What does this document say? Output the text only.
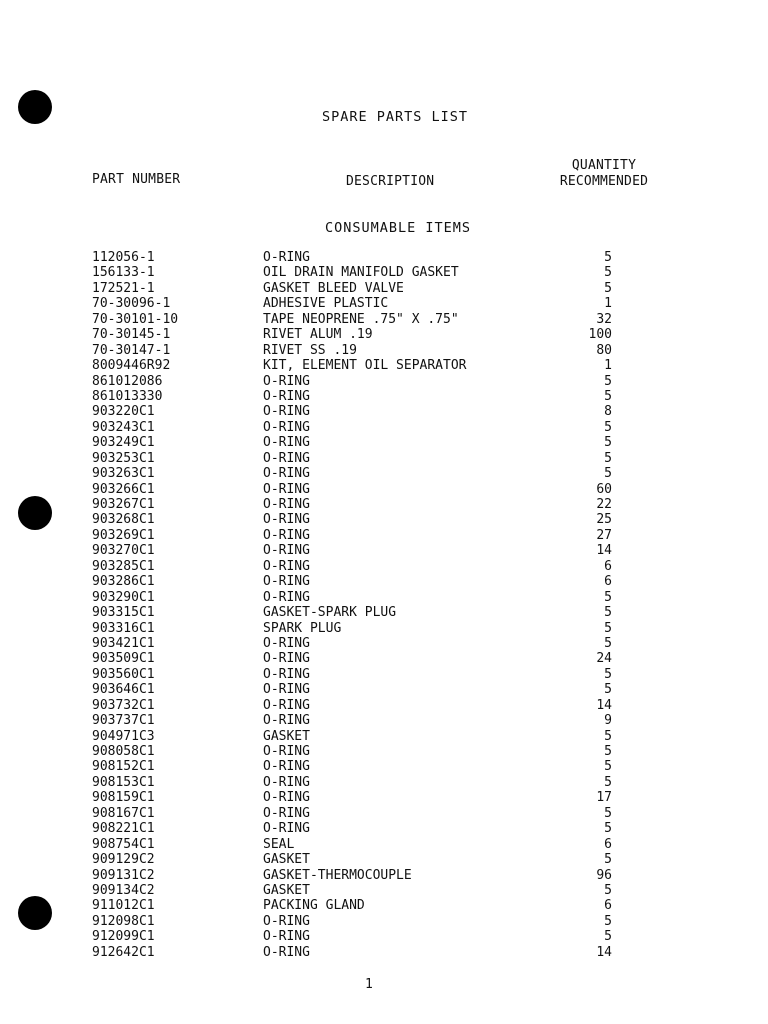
SPARE PARTS LIST
PART NUMBER	DESCRIPTION
QUANTITY
RECOMMENDED
CONSUMABLE ITEMS
112056-1	O-RING	5
156133-1	OIL DRAIN MANIFOLD GASKET	5
172521-1	GASKET BLEED VALVE	5
70-30096-1	ADHESIVE PLASTIC	1
70-30101-10	TAPE NEOPRENE .75" X .75"	32
70-30145-1	RIVET ALUM .19	100
70-30147-1	RIVET SS .19	80
8009446R92	KIT, ELEMENT OIL SEPARATOR	1
861012086	O-RING	5
861013330	O-RING	5
903220C1	O-RING	8
903243C1	O-RING	5
903249C1	O-RING	5
903253C1	O-RING	5
903263C1	O-RING	5
903266C1	O-RING	60
903267C1	O-RING	22
903268C1	O-RING	25
903269C1	O-RING	27
903270C1	O-RING	14
903285C1	O-RING	6
903286C1	O-RING	6
903290C1	O-RING	5
903315C1	GASKET-SPARK PLUG	5
903316C1	SPARK PLUG	5
903421C1	O-RING	5
903509C1	O-RING	24
903560C1	O-RING	5
903646C1	O-RING	5
903732C1	O-RING	14
903737C1	O-RING	9
904971C3	GASKET	5
908058C1	O-RING	5
908152C1	O-RING	5
908153C1	O-RING	5
908159C1	O-RING	17
908167C1	O-RING	5
908221C1	O-RING	5
908754C1	SEAL	6
909129C2	GASKET	5
909131C2	GASKET-THERMOCOUPLE	96
909134C2	GASKET	5
911012C1	PACKING GLAND	6
912098C1	O-RING	5
912099C1	O-RING	5
912642C1	O-RING	14
1
